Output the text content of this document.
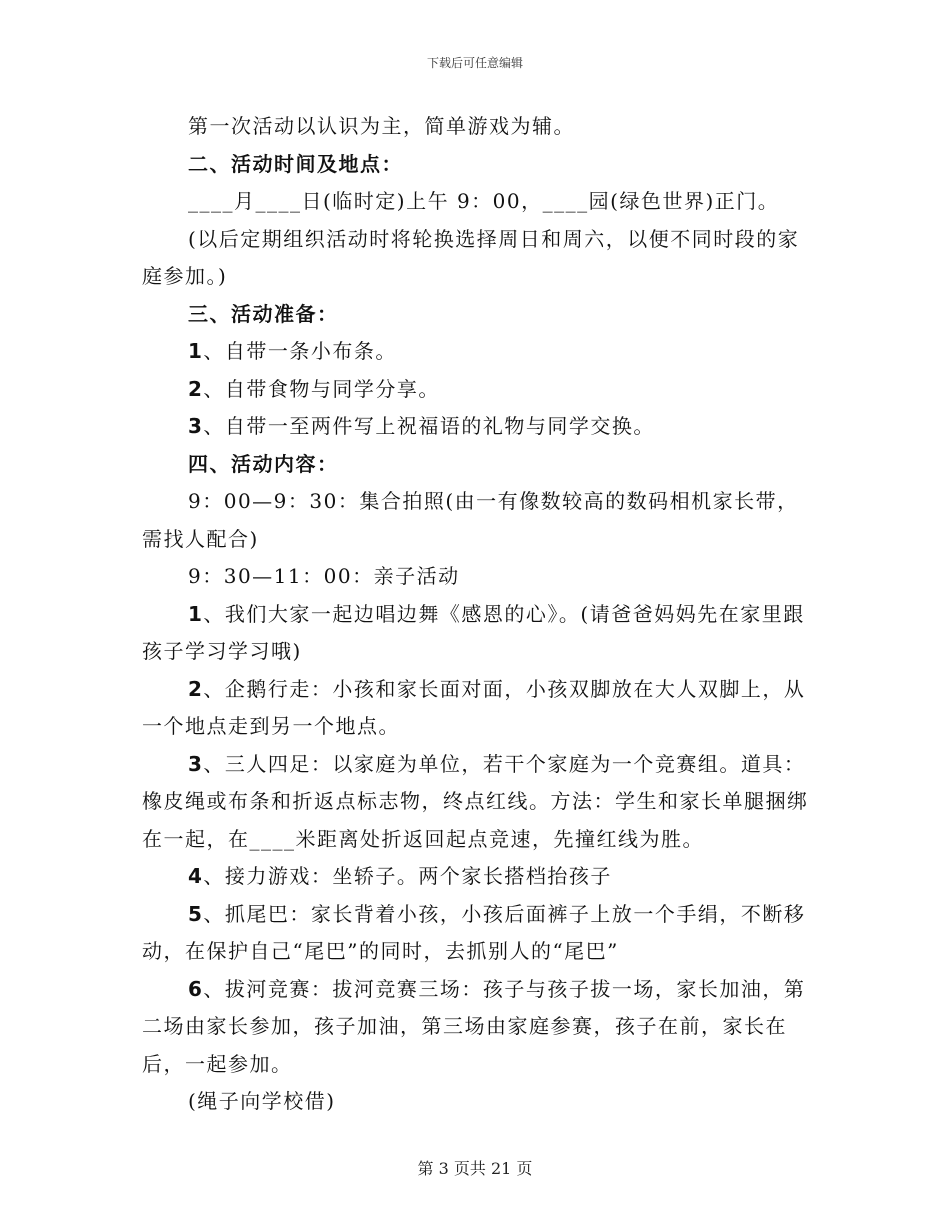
下载后可任意编辑

第一次活动以认识为主，简单游戏为辅。

二、活动时间及地点：

____月____日(临时定)上午 9：00，____园(绿色世界)正门。

(以后定期组织活动时将轮换选择周日和周六，以便不同时段的家庭参加。)

三、活动准备：

1、自带一条小布条。

2、自带食物与同学分享。

3、自带一至两件写上祝福语的礼物与同学交换。

四、活动内容：

9：00—9：30：集合拍照(由一有像数较高的数码相机家长带，需找人配合)

9：30—11：00：亲子活动

1、我们大家一起边唱边舞《感恩的心》。(请爸爸妈妈先在家里跟孩子学习学习哦)

2、企鹅行走：小孩和家长面对面，小孩双脚放在大人双脚上，从一个地点走到另一个地点。

3、三人四足：以家庭为单位，若干个家庭为一个竞赛组。道具：橡皮绳或布条和折返点标志物，终点红线。方法：学生和家长单腿捆绑在一起，在____米距离处折返回起点竞速，先撞红线为胜。

4、接力游戏：坐轿子。两个家长搭档抬孩子

5、抓尾巴：家长背着小孩，小孩后面裤子上放一个手绢，不断移动，在保护自己“尾巴”的同时，去抓别人的“尾巴”

6、拔河竞赛：拔河竞赛三场：孩子与孩子拔一场，家长加油，第二场由家长参加，孩子加油，第三场由家庭参赛，孩子在前，家长在后，一起参加。

(绳子向学校借)

第 3 页共 21 页
